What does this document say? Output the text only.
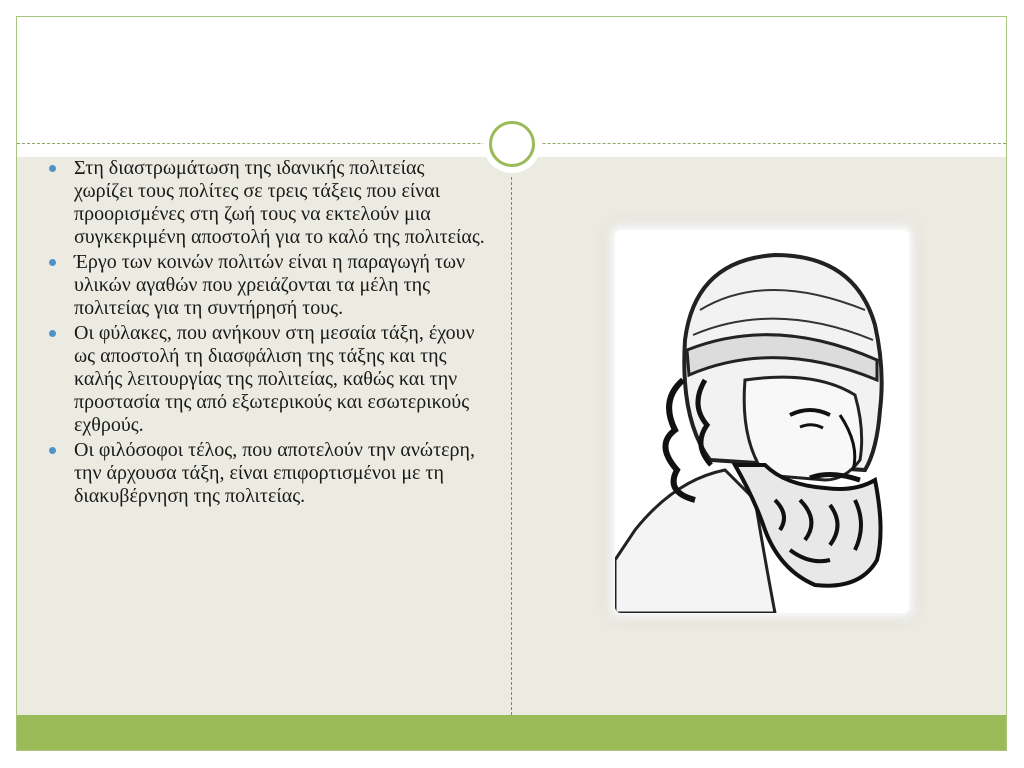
Στη διαστρωμάτωση της ιδανικής πολιτείας χωρίζει τους πολίτες σε τρεις τάξεις που είναι προορισμένες στη ζωή τους να εκτελούν μια συγκεκριμένη αποστολή για το καλό της πολιτείας.
Έργο των κοινών πολιτών είναι η παραγωγή των υλικών αγαθών που χρειάζονται τα μέλη της πολιτείας για τη συντήρησή τους.
Οι φύλακες, που ανήκουν στη μεσαία τάξη, έχουν ως αποστολή τη διασφάλιση της τάξης και της καλής λειτουργίας της πολιτείας, καθώς και την προστασία της από εξωτερικούς και εσωτερικούς εχθρούς.
Οι φιλόσοφοι τέλος, που αποτελούν την ανώτερη, την άρχουσα τάξη, είναι επιφορτισμένοι με τη διακυβέρνηση της πολιτείας.
